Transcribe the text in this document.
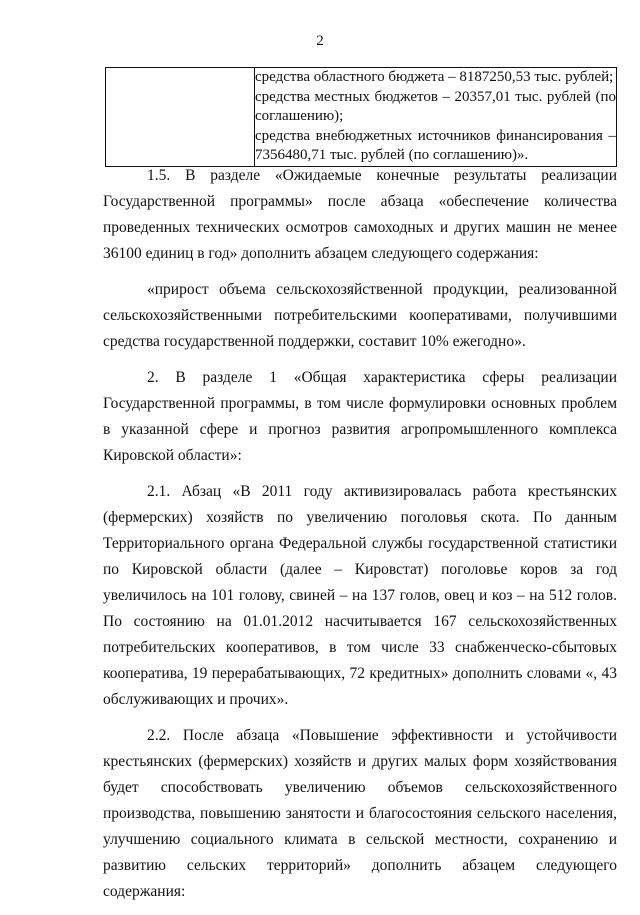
2

средства областного бюджета – 8187250,53 тыс. рублей;
средства местных бюджетов – 20357,01 тыс. рублей (по соглашению);
средства внебюджетных источников финансирования – 7356480,71 тыс. рублей (по соглашению)».

1.5. В разделе «Ожидаемые конечные результаты реализации Государственной программы» после абзаца «обеспечение количества проведенных технических осмотров самоходных и других машин не менее 36100 единиц в год» дополнить абзацем следующего содержания:

«прирост объема сельскохозяйственной продукции, реализованной сельскохозяйственными потребительскими кооперативами, получившими средства государственной поддержки, составит 10% ежегодно».

2. В разделе 1 «Общая характеристика сферы реализации Государственной программы, в том числе формулировки основных проблем в указанной сфере и прогноз развития агропромышленного комплекса Кировской области»:

2.1. Абзац «В 2011 году активизировалась работа крестьянских (фермерских) хозяйств по увеличению поголовья скота. По данным Территориального органа Федеральной службы государственной статистики по Кировской области (далее – Кировстат) поголовье коров за год увеличилось на 101 голову, свиней – на 137 голов, овец и коз – на 512 голов. По состоянию на 01.01.2012 насчитывается 167 сельскохозяйственных потребительских кооперативов, в том числе 33 снабженческо-сбытовых кооператива, 19 перерабатывающих, 72 кредитных» дополнить словами «, 43 обслуживающих и прочих».

2.2. После абзаца «Повышение эффективности и устойчивости крестьянских (фермерских) хозяйств и других малых форм хозяйствования будет способствовать увеличению объемов сельскохозяйственного производства, повышению занятости и благосостояния сельского населения, улучшению социального климата в сельской местности, сохранению и развитию сельских территорий» дополнить абзацем следующего содержания:
